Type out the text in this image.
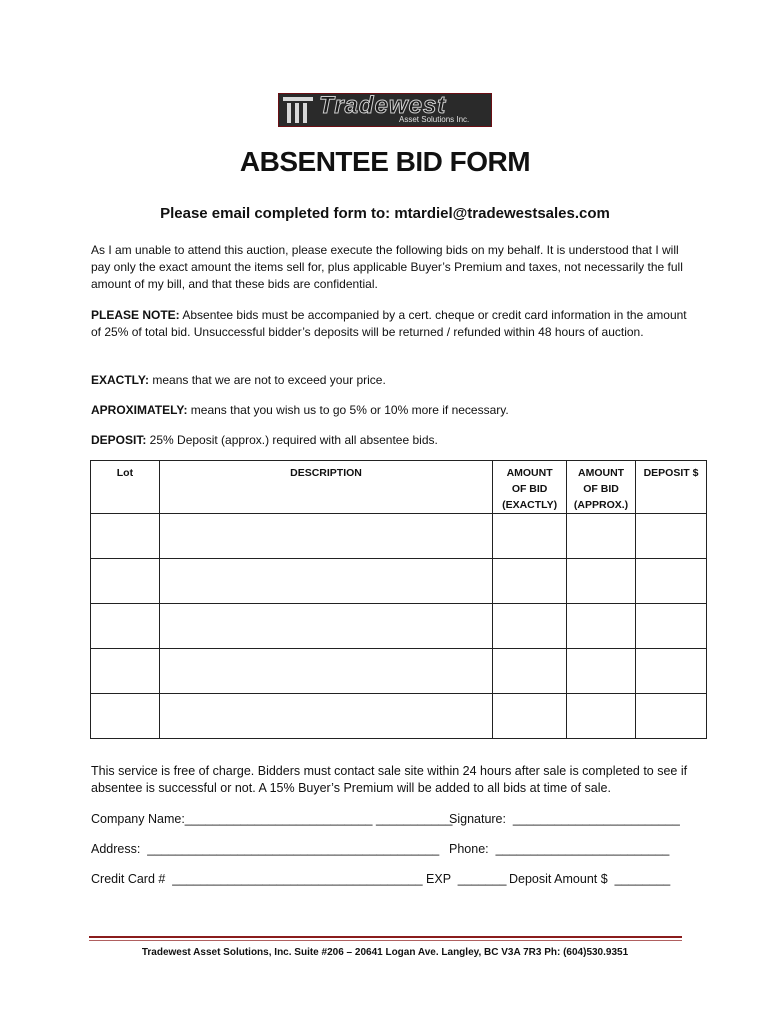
Tradewest
Asset Solutions Inc.
ABSENTEE BID FORM
Please email completed form to: mtardiel@tradewestsales.com
As I am unable to attend this auction, please execute the following bids on my behalf. It is understood that I will pay only the exact amount the items sell for, plus applicable Buyer’s Premium and taxes, not necessarily the full amount of my bill, and that these bids are confidential.
PLEASE NOTE: Absentee bids must be accompanied by a cert. cheque or credit card information in the amount of 25% of total bid. Unsuccessful bidder’s deposits will be returned / refunded within 48 hours of auction.
EXACTLY: means that we are not to exceed your price.
APROXIMATELY: means that you wish us to go 5% or 10% more if necessary.
DEPOSIT: 25% Deposit (approx.) required with all absentee bids.
Lot	DESCRIPTION	AMOUNT
OF BID
(EXACTLY)	AMOUNT
OF BID
(APPROX.)	DEPOSIT $

This service is free of charge. Bidders must contact sale site within 24 hours after sale is completed to see if absentee is successful or not. A 15% Buyer’s Premium will be added to all bids at time of sale.
Company Name:___________________________ ___________
Signature:  ________________________
Address:  __________________________________________ Phone:  _________________________
Credit Card #  ____________________________________ EXP  _______ Deposit Amount $  ________
Tradewest Asset Solutions, Inc. Suite #206 – 20641 Logan Ave. Langley, BC V3A 7R3 Ph: (604)530.9351
